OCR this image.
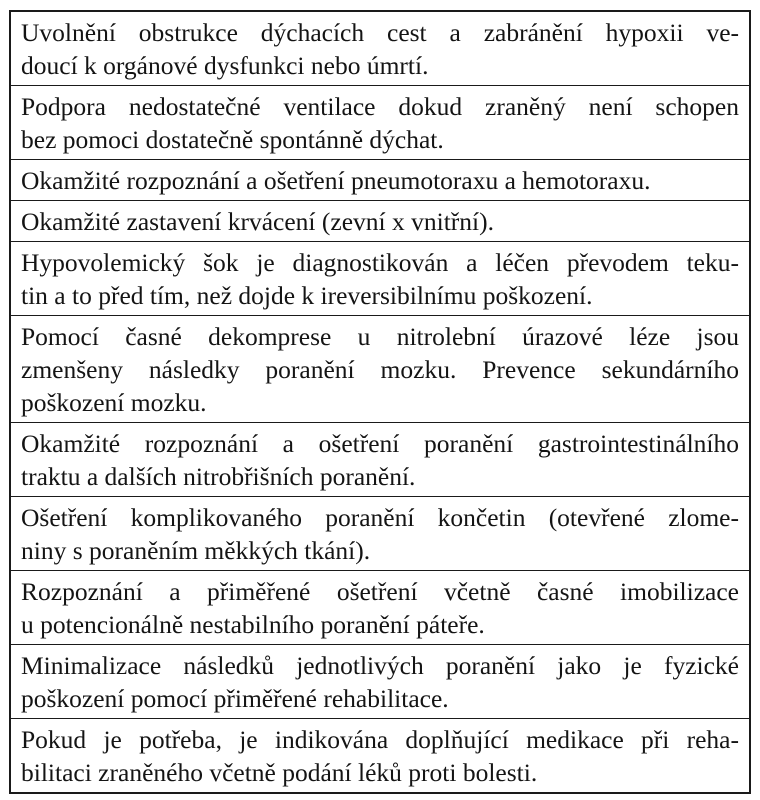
Uvolnění obstrukce dýchacích cest a zabránění hypoxii ve-
doucí k orgánové dysfunkci nebo úmrtí.

Podpora nedostatečné ventilace dokud zraněný není schopen
bez pomoci dostatečně spontánně dýchat.

Okamžité rozpoznání a ošetření pneumotoraxu a hemotoraxu.

Okamžité zastavení krvácení (zevní x vnitřní).

Hypovolemický šok je diagnostikován a léčen převodem teku-
tin a to před tím, než dojde k ireversibilnímu poškození.

Pomocí časné dekomprese u nitrolební úrazové léze jsou
zmenšeny následky poranění mozku. Prevence sekundárního
poškození mozku.

Okamžité rozpoznání a ošetření poranění gastrointestinálního
traktu a dalších nitrobřišních poranění.

Ošetření komplikovaného poranění končetin (otevřené zlome-
niny s poraněním měkkých tkání).

Rozpoznání a přiměřené ošetření včetně časné imobilizace
u potencionálně nestabilního poranění páteře.

Minimalizace následků jednotlivých poranění jako je fyzické
poškození pomocí přiměřené rehabilitace.

Pokud je potřeba, je indikována doplňující medikace při reha-
bilitaci zraněného včetně podání léků proti bolesti.
